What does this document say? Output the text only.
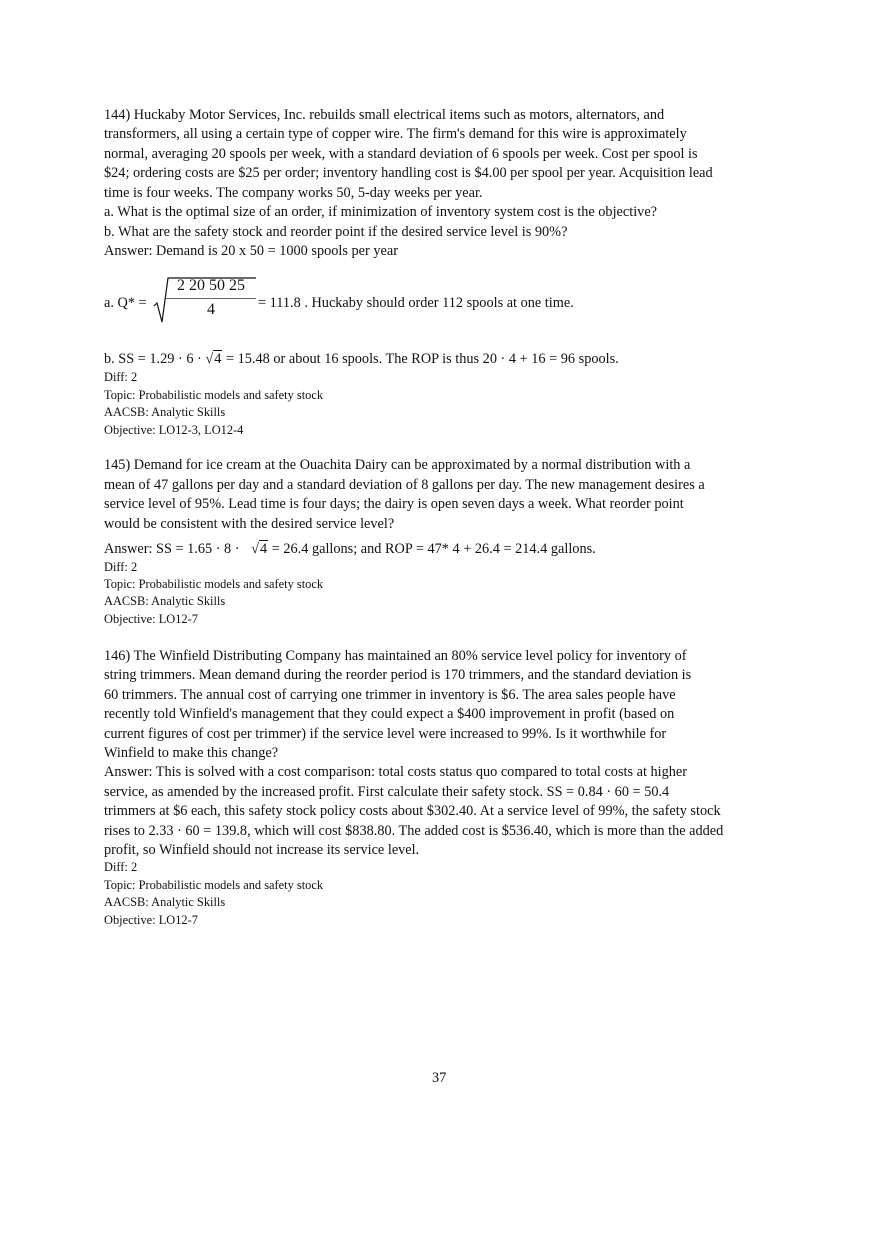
144) Huckaby Motor Services, Inc. rebuilds small electrical items such as motors, alternators, and
transformers, all using a certain type of copper wire. The firm's demand for this wire is approximately
normal, averaging 20 spools per week, with a standard deviation of 6 spools per week. Cost per spool is
$24; ordering costs are $25 per order; inventory handling cost is $4.00 per spool per year. Acquisition lead
time is four weeks. The company works 50, 5-day weeks per year.
a. What is the optimal size of an order, if minimization of inventory system cost is the objective?
b. What are the safety stock and reorder point if the desired service level is 90%?
Answer: Demand is 20 x 50 = 1000 spools per year
a. $Q* = \frac{2 20 50 25}{4} = 111.8$ . Huckaby should order 112 spools at one time.
b. SS = 1.29 · 6 · √4 = 15.48 or about 16 spools. The ROP is thus 20 · 4 + 16 = 96 spools.
Diff: 2
Topic: Probabilistic models and safety stock
AACSB: Analytic Skills
Objective: LO12-3, LO12-4
145) Demand for ice cream at the Ouachita Dairy can be approximated by a normal distribution with a
mean of 47 gallons per day and a standard deviation of 8 gallons per day. The new management desires a
service level of 95%. Lead time is four days; the dairy is open seven days a week. What reorder point
would be consistent with the desired service level?
Answer: SS = 1.65 · 8 · √4 = 26.4 gallons; and ROP = 47* 4 + 26.4 = 214.4 gallons.
Diff: 2
Topic: Probabilistic models and safety stock
AACSB: Analytic Skills
Objective: LO12-7
146) The Winfield Distributing Company has maintained an 80% service level policy for inventory of
string trimmers. Mean demand during the reorder period is 170 trimmers, and the standard deviation is
60 trimmers. The annual cost of carrying one trimmer in inventory is $6. The area sales people have
recently told Winfield's management that they could expect a $400 improvement in profit (based on
current figures of cost per trimmer) if the service level were increased to 99%. Is it worthwhile for
Winfield to make this change?
Answer: This is solved with a cost comparison: total costs status quo compared to total costs at higher
service, as amended by the increased profit. First calculate their safety stock. SS = 0.84 · 60 = 50.4
trimmers at $6 each, this safety stock policy costs about $302.40. At a service level of 99%, the safety stock
rises to 2.33 · 60 = 139.8, which will cost $838.80. The added cost is $536.40, which is more than the added
profit, so Winfield should not increase its service level.
Diff: 2
Topic: Probabilistic models and safety stock
AACSB: Analytic Skills
Objective: LO12-7
37
